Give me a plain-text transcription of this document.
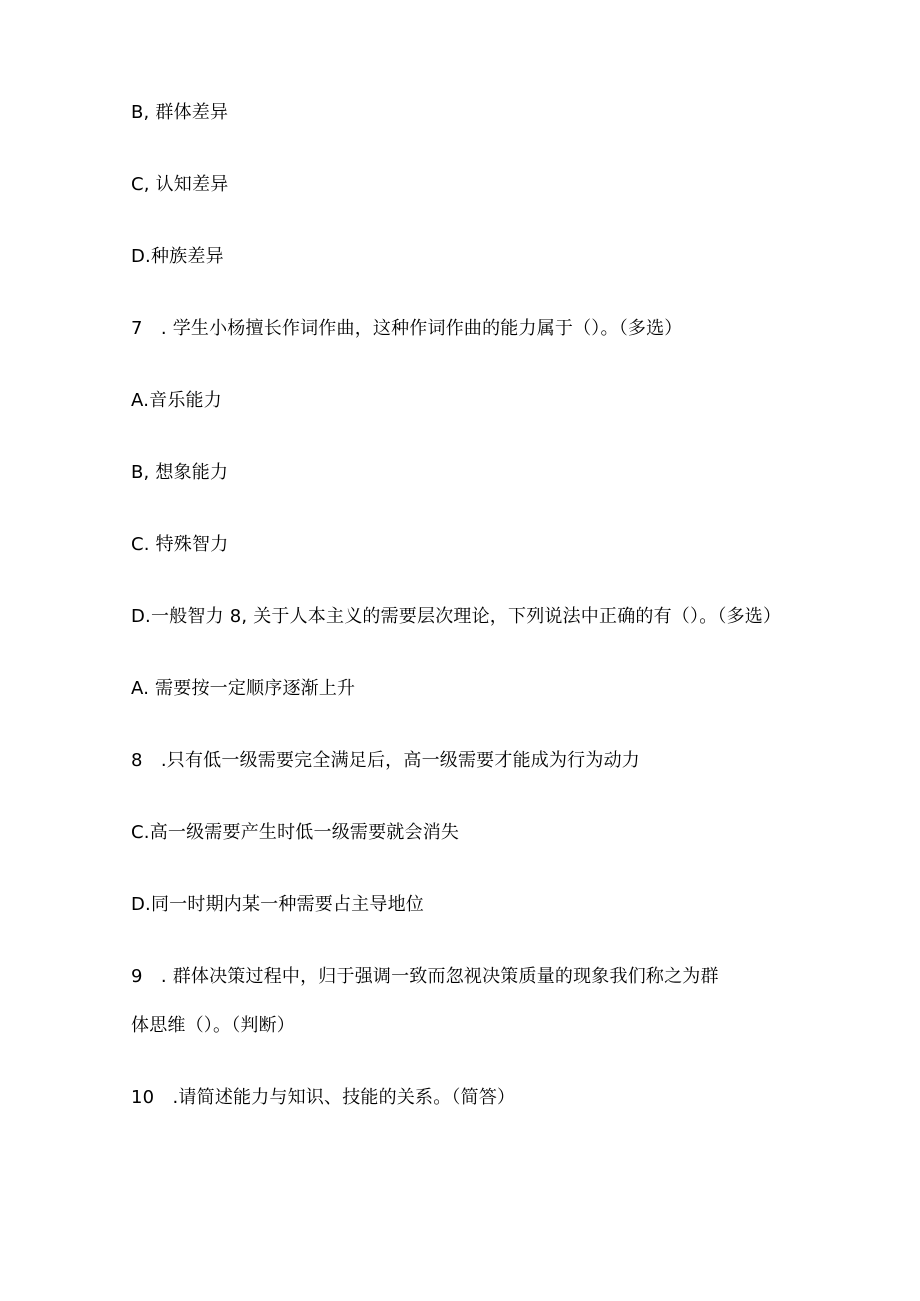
B, 群体差异
C, 认知差异
D.种族差异
7　. 学生小杨擅长作词作曲，这种作词作曲的能力属于（）。（多选）
A.音乐能力
B, 想象能力
C. 特殊智力
D.一般智力 8, 关于人本主义的需要层次理论，下列说法中正确的有（）。（多选）
A. 需要按一定顺序逐渐上升
8　.只有低一级需要完全满足后，高一级需要才能成为行为动力
C.高一级需要产生时低一级需要就会消失
D.同一时期内某一种需要占主导地位
9　. 群体决策过程中，归于强调一致而忽视决策质量的现象我们称之为群
体思维（）。（判断）
10　.请简述能力与知识、技能的关系。（简答）
